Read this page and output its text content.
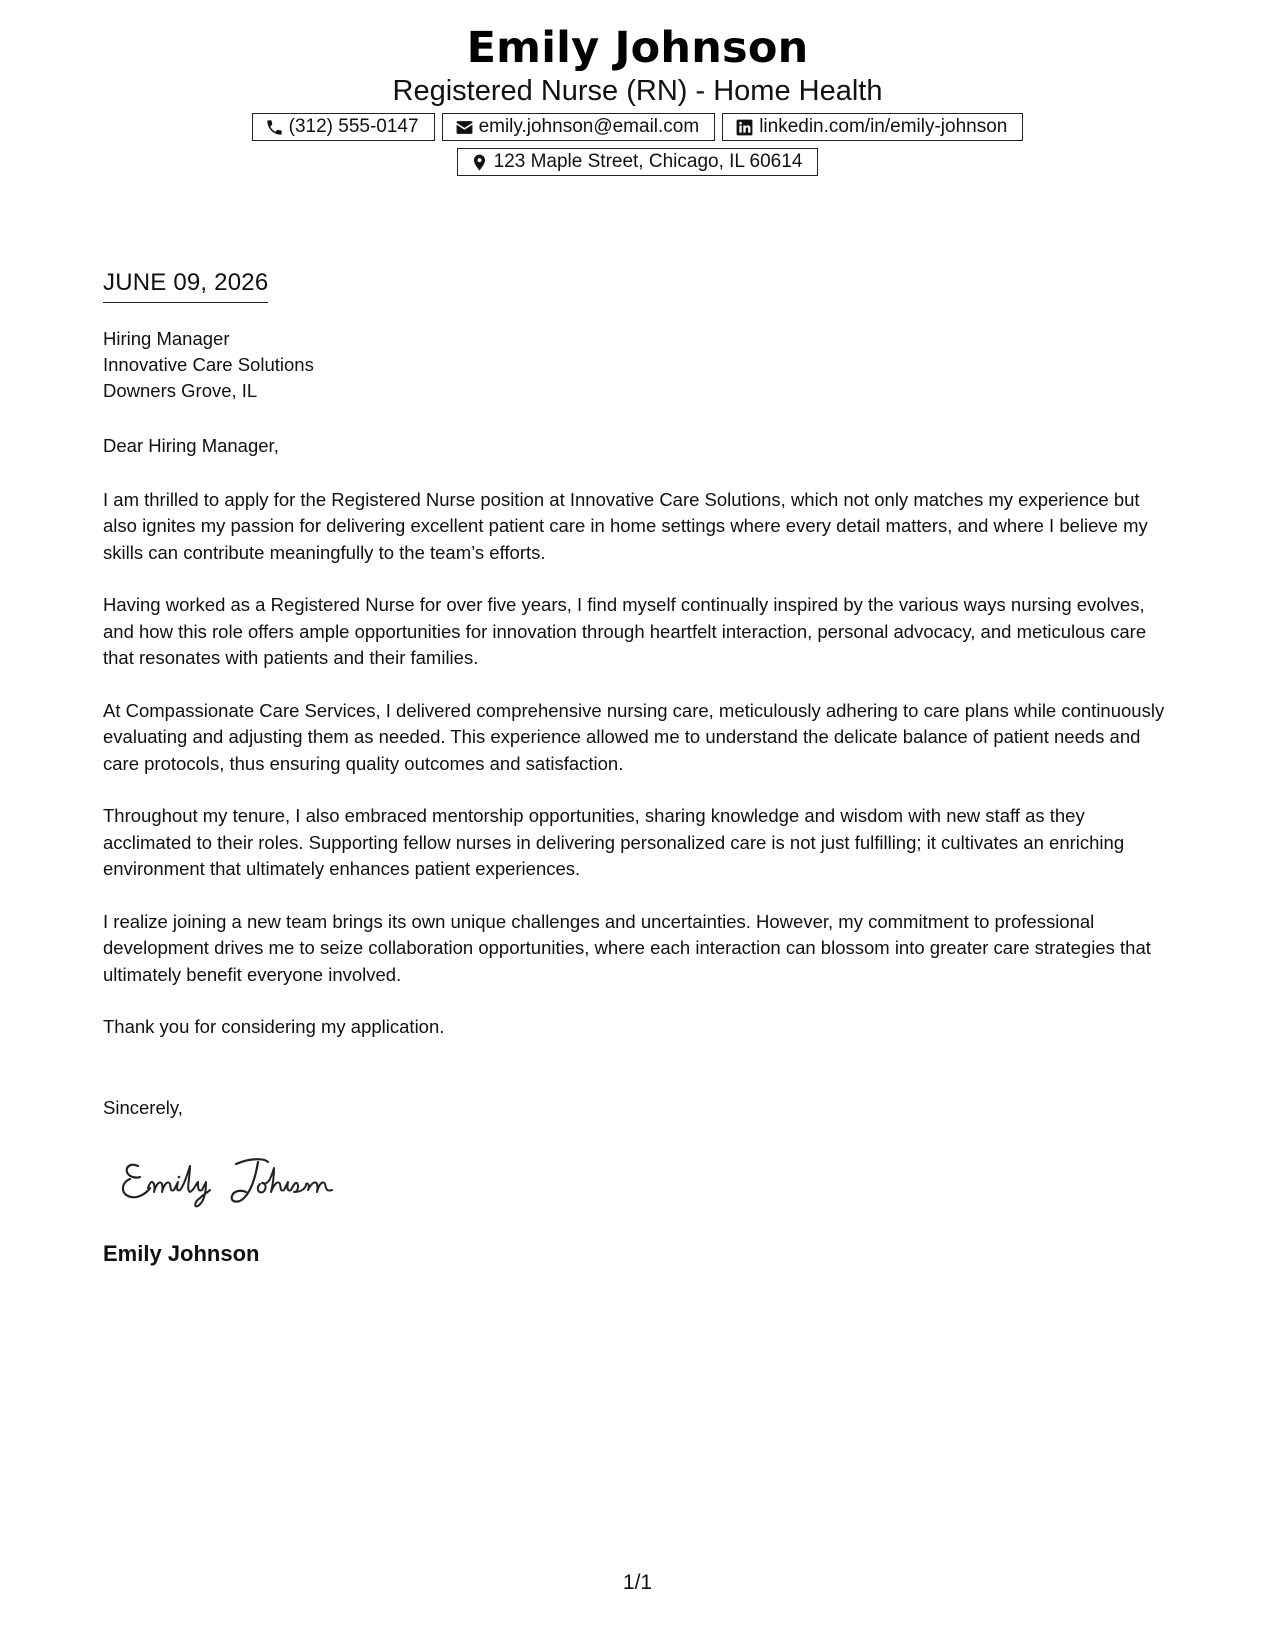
Emily Johnson
Registered Nurse (RN) - Home Health
(312) 555-0147	emily.johnson@email.com	linkedin.com/in/emily-johnson
123 Maple Street, Chicago, IL 60614
JUNE 09, 2026
Hiring Manager
Innovative Care Solutions
Downers Grove, IL

Dear Hiring Manager,

I am thrilled to apply for the Registered Nurse position at Innovative Care Solutions, which not only matches my experience but also ignites my passion for delivering excellent patient care in home settings where every detail matters, and where I believe my skills can contribute meaningfully to the team’s efforts.

Having worked as a Registered Nurse for over five years, I find myself continually inspired by the various ways nursing evolves, and how this role offers ample opportunities for innovation through heartfelt interaction, personal advocacy, and meticulous care that resonates with patients and their families.

At Compassionate Care Services, I delivered comprehensive nursing care, meticulously adhering to care plans while continuously evaluating and adjusting them as needed. This experience allowed me to understand the delicate balance of patient needs and care protocols, thus ensuring quality outcomes and satisfaction.

Throughout my tenure, I also embraced mentorship opportunities, sharing knowledge and wisdom with new staff as they acclimated to their roles. Supporting fellow nurses in delivering personalized care is not just fulfilling; it cultivates an enriching environment that ultimately enhances patient experiences.

I realize joining a new team brings its own unique challenges and uncertainties. However, my commitment to professional development drives me to seize collaboration opportunities, where each interaction can blossom into greater care strategies that ultimately benefit everyone involved.

Thank you for considering my application.

Sincerely,
Emily Johnson
1/1
